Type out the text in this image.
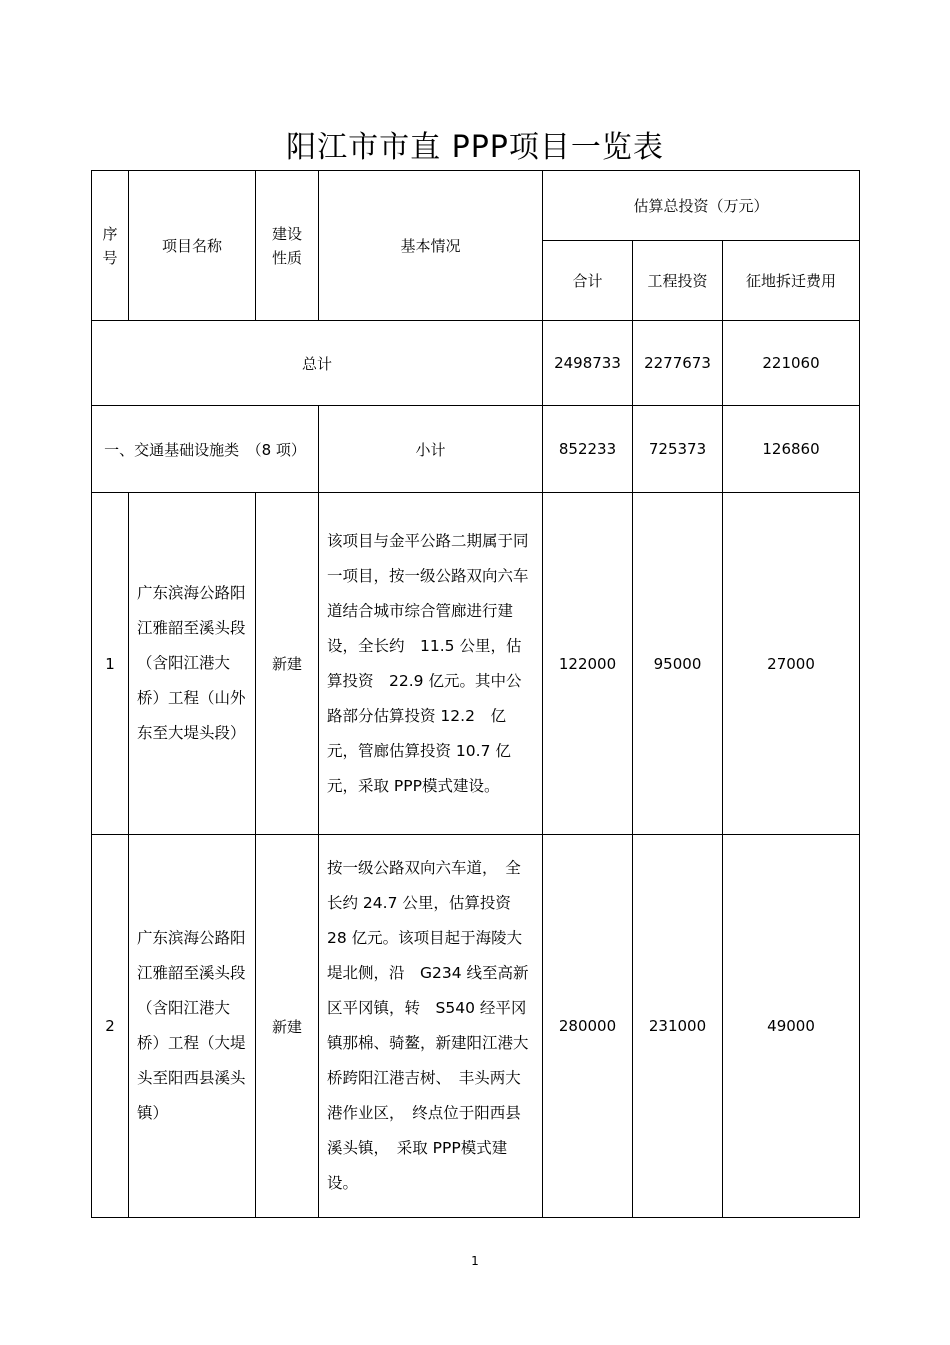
阳江市市直 PPP项目一览表
序号	项目名称	建设性质	基本情况	估算总投资（万元）		
				合计	工程投资	征地拆迁费用
总计				2498733	2277673	221060
一、交通基础设施类　（8 项）			小计	852233	725373	126860
1	广东滨海公路阳江雅韶至溪头段（含阳江港大桥）工程（山外东至大堤头段）	新建	该项目与金平公路二期属于同一项目，按一级公路双向六车道结合城市综合管廊进行建设，全长约　11.5 公里，估算投资　22.9 亿元。其中公路部分估算投资 12.2　亿元，管廊估算投资 10.7 亿元，采取 PPP模式建设。	122000	95000	27000
2	广东滨海公路阳江雅韶至溪头段（含阳江港大桥）工程（大堤头至阳西县溪头镇）	新建	按一级公路双向六车道，　全长约 24.7 公里，估算投资 28 亿元。该项目起于海陵大堤北侧，沿　G234 线至高新区平冈镇，转　S540 经平冈镇那棉、骑鳌，新建阳江港大桥跨阳江港吉树、　丰头两大港作业区，　终点位于阳西县溪头镇，　采取 PPP模式建设。	280000	231000	49000
1
